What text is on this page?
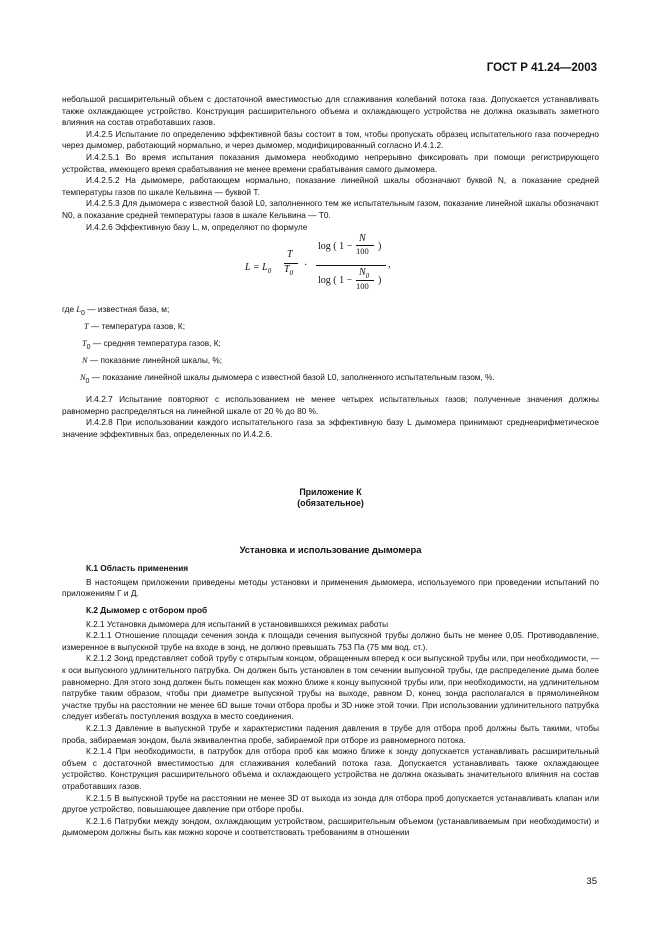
ГОСТ Р 41.24—2003

небольшой расширительный объем с достаточной вместимостью для сглаживания колебаний потока газа. Допускается устанавливать также охлаждающее устройство. Конструкция расширительного объема и охлаждающего устройства не должна оказывать заметного влияния на состав отработавших газов.

И.4.2.5 Испытание по определению эффективной базы состоит в том, чтобы пропускать образец испытательного газа поочередно через дымомер, работающий нормально, и через дымомер, модифицированный согласно И.4.1.2.

И.4.2.5.1 Во время испытания показания дымомера необходимо непрерывно фиксировать при помощи регистрирующего устройства, имеющего время срабатывания не менее времени срабатывания самого дымомера.

И.4.2.5.2 На дымомере, работающем нормально, показание линейной шкалы обозначают буквой N, а показание средней температуры газов по шкале Кельвина — буквой T.

И.4.2.5.3 Для дымомера с известной базой L0, заполненного тем же испытательным газом, показание линейной шкалы обозначают N0, а показание средней температуры газов в шкале Кельвина — T0.

И.4.2.6 Эффективную базу L, м, определяют по формуле

$L = L_0$
T
$T_0$
·
log ( 1 −
N
100 )
,
log ( 1 −
$N_0$
100 )
где $L_0$ — известная база, м;
T — температура газов, К;
$T_0$ — средняя температура газов, К;
N — показание линейной шкалы, %;
$N_0$ — показание линейной шкалы дымомера с известной базой L0, заполненного испытательным газом, %.

И.4.2.7 Испытание повторяют с использованием не менее четырех испытательных газов; полученные значения должны равномерно распределяться на линейной шкале от 20 % до 80 %.

И.4.2.8 При использовании каждого испытательного газа за эффективную базу L дымомера принимают среднеарифметическое значение эффективных баз, определенных по И.4.2.6.

Приложение К
(обязательное)
Установка и использование дымомера
К.1 Область применения

В настоящем приложении приведены методы установки и применения дымомера, используемого при проведении испытаний по приложениям Г и Д.

К.2 Дымомер с отбором проб

К.2.1 Установка дымомера для испытаний в установившихся режимах работы

К.2.1.1 Отношение площади сечения зонда к площади сечения выпускной трубы должно быть не менее 0,05. Противодавление, измеренное в выпускной трубе на входе в зонд, не должно превышать 753 Па (75 мм вод. ст.).

К.2.1.2 Зонд представляет собой трубу с открытым концом, обращенным вперед к оси выпускной трубы или, при необходимости, — к оси выпускного удлинительного патрубка. Он должен быть установлен в том сечении выпускной трубы, где распределение дыма более равномерно. Для этого зонд должен быть помещен как можно ближе к концу выпускной трубы или, при необходимости, на удлинительном патрубке таким образом, чтобы при диаметре выпускной трубы на выходе, равном D, конец зонда располагался в прямолинейном участке трубы на расстоянии не менее 6D выше точки отбора пробы и 3D ниже этой точки. При использовании удлинительного патрубка следует избегать поступления воздуха в место соединения.

К.2.1.3 Давление в выпускной трубе и характеристики падения давления в трубе для отбора проб должны быть такими, чтобы проба, забираемая зондом, была эквивалентна пробе, забираемой при отборе из равномерного потока.

К.2.1.4 При необходимости, в патрубок для отбора проб как можно ближе к зонду допускается устанавливать расширительный объем с достаточной вместимостью для сглаживания колебаний потока газа. Допускается устанавливать также охлаждающее устройство. Конструкция расширительного объема и охлаждающего устройства не должна оказывать значительного влияния на состав отработавших газов.

К.2.1.5 В выпускной трубе на расстоянии не менее 3D от выхода из зонда для отбора проб допускается устанавливать клапан или другое устройство, повышающее давление при отборе пробы.

К.2.1.6 Патрубки между зондом, охлаждающим устройством, расширительным объемом (устанавливаемым при необходимости) и дымомером должны быть как можно короче и соответствовать требованиям в отношении

35
